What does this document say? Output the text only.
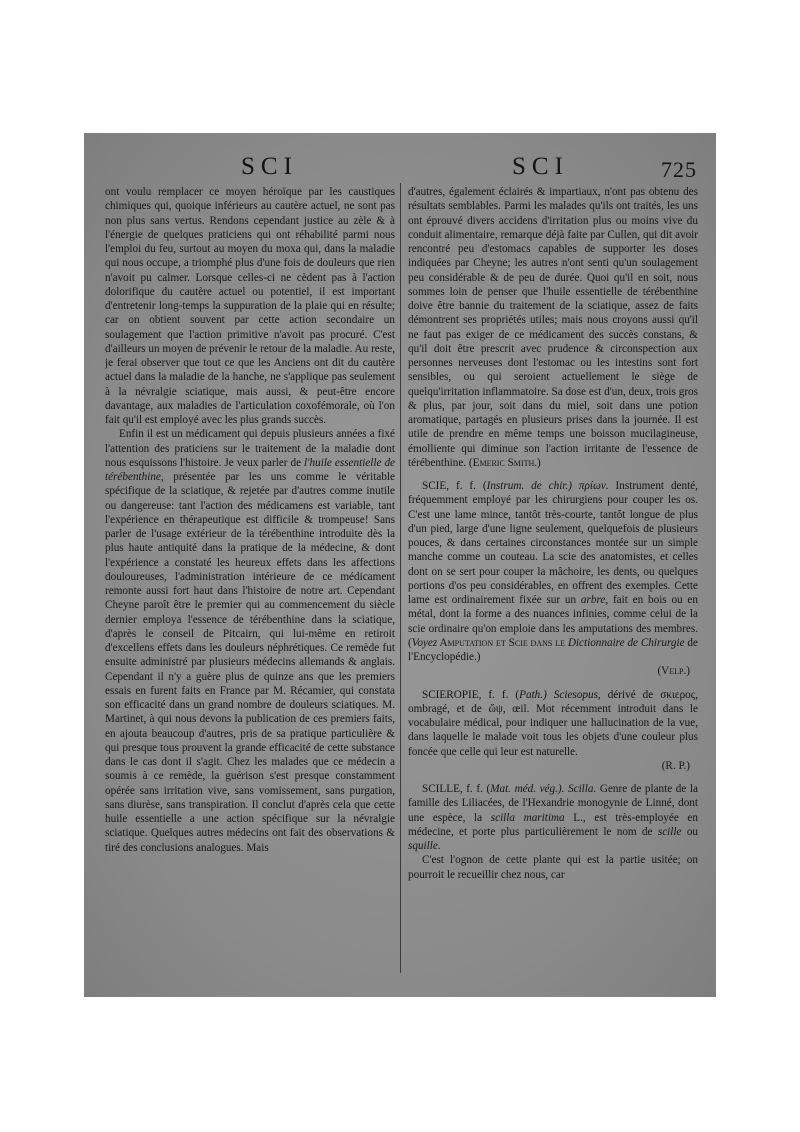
SCI	SCI	725

ont voulu remplacer ce moyen héroïque par les caustiques chimiques qui, quoique inférieurs au cautère actuel, ne sont pas non plus sans vertus. Rendons cependant justice au zèle & à l'énergie de quelques praticiens qui ont réhabilité parmi nous l'emploi du feu, surtout au moyen du moxa qui, dans la maladie qui nous occupe, a triomphé plus d'une fois de douleurs que rien n'avoit pu calmer. Lorsque celles-ci ne cèdent pas à l'action dolorifique du cautère actuel ou potentiel, il est important d'entretenir long-temps la suppuration de la plaie qui en résulte; car on obtient souvent par cette action secondaire un soulagement que l'action primitive n'avoit pas procuré. C'est d'ailleurs un moyen de prévenir le retour de la maladie. Au reste, je ferai observer que tout ce que les Anciens ont dit du cautère actuel dans la maladie de la hanche, ne s'applique pas seulement à la névralgie sciatique, mais aussi, & peut-être encore davantage, aux maladies de l'articulation coxofémorale, où l'on fait qu'il est employé avec les plus grands succès.

Enfin il est un médicament qui depuis plusieurs années a fixé l'attention des praticiens sur le traitement de la maladie dont nous esquissons l'histoire. Je veux parler de l'huile essentielle de térébenthine, présentée par les uns comme le véritable spécifique de la sciatique, & rejetée par d'autres comme inutile ou dangereuse: tant l'action des médicamens est variable, tant l'expérience en thérapeutique est difficile & trompeuse! Sans parler de l'usage extérieur de la térébenthine introduite dès la plus haute antiquité dans la pratique de la médecine, & dont l'expérience a constaté les heureux effets dans les affections douloureuses, l'administration intérieure de ce médicament remonte aussi fort haut dans l'histoire de notre art. Cependant Cheyne paroît être le premier qui au commencement du siècle dernier employa l'essence de térébenthine dans la sciatique, d'après le conseil de Pitcairn, qui lui-même en retiroit d'excellens effets dans les douleurs néphrétiques. Ce remède fut ensuite administré par plusieurs médecins allemands & anglais. Cependant il n'y a guère plus de quinze ans que les premiers essais en furent faits en France par M. Récamier, qui constata son efficacité dans un grand nombre de douleurs sciatiques. M. Martinet, à qui nous devons la publication de ces premiers faits, en ajouta beaucoup d'autres, pris de sa pratique particulière & qui presque tous prouvent la grande efficacité de cette substance dans le cas dont il s'agit. Chez les malades que ce médecin a soumis à ce remède, la guérison s'est presque constamment opérée sans irritation vive, sans vomissement, sans purgation, sans diurèse, sans transpiration. Il conclut d'après cela que cette huile essentielle a une action spécifique sur la névralgie sciatique. Quelques autres médecins ont fait des observations & tiré des conclusions analogues. Mais

d'autres, également éclairés & impartiaux, n'ont pas obtenu des résultats semblables. Parmi les malades qu'ils ont traités, les uns ont éprouvé divers accidens d'irritation plus ou moins vive du conduit alimentaire, remarque déjà faite par Cullen, qui dit avoir rencontré peu d'estomacs capables de supporter les doses indiquées par Cheyne; les autres n'ont senti qu'un soulagement peu considérable & de peu de durée. Quoi qu'il en soit, nous sommes loin de penser que l'huile essentielle de térébenthine doive être bannie du traitement de la sciatique, assez de faits démontrent ses propriétés utiles; mais nous croyons aussi qu'il ne faut pas exiger de ce médicament des succès constans, & qu'il doit être prescrit avec prudence & circonspection aux personnes nerveuses dont l'estomac ou les intestins sont fort sensibles, ou qui seroient actuellement le siège de quelqu'irritation inflammatoire. Sa dose est d'un, deux, trois gros & plus, par jour, soit dans du miel, soit dans une potion aromatique, partagés en plusieurs prises dans la journée. Il est utile de prendre en même temps une boisson mucilagineuse, émolliente qui diminue son l'action irritante de l'essence de térébenthine. (Emeric Smith.)

SCIE, f. f. (Instrum. de chir.) πρίων. Instrument denté, fréquemment employé par les chirurgiens pour couper les os. C'est une lame mince, tantôt très-courte, tantôt longue de plus d'un pied, large d'une ligne seulement, quelquefois de plusieurs pouces, & dans certaines circonstances montée sur un simple manche comme un couteau. La scie des anatomistes, et celles dont on se sert pour couper la mâchoire, les dents, ou quelques portions d'os peu considérables, en offrent des exemples. Cette lame est ordinairement fixée sur un arbre, fait en bois ou en métal, dont la forme a des nuances infinies, comme celui de la scie ordinaire qu'on emploie dans les amputations des membres. (Voyez Amputation et Scie dans le Dictionnaire de Chirurgie de l'Encyclopédie.)

(Velp.)

SCIEROPIE, f. f. (Path.) Sciesopus, dérivé de σκιερος, ombragé, et de ὤψ, œil. Mot récemment introduit dans le vocabulaire médical, pour indiquer une hallucination de la vue, dans laquelle le malade voit tous les objets d'une couleur plus foncée que celle qui leur est naturelle.

(R. P.)

SCILLE, f. f. (Mat. méd. vég.). Scilla. Genre de plante de la famille des Liliacées, de l'Hexandrie monogynie de Linné, dont une espèce, la scilla maritima L., est très-employée en médecine, et porte plus particulièrement le nom de scille ou squille.

C'est l'ognon de cette plante qui est la partie usitée; on pourroit le recueillir chez nous, car
